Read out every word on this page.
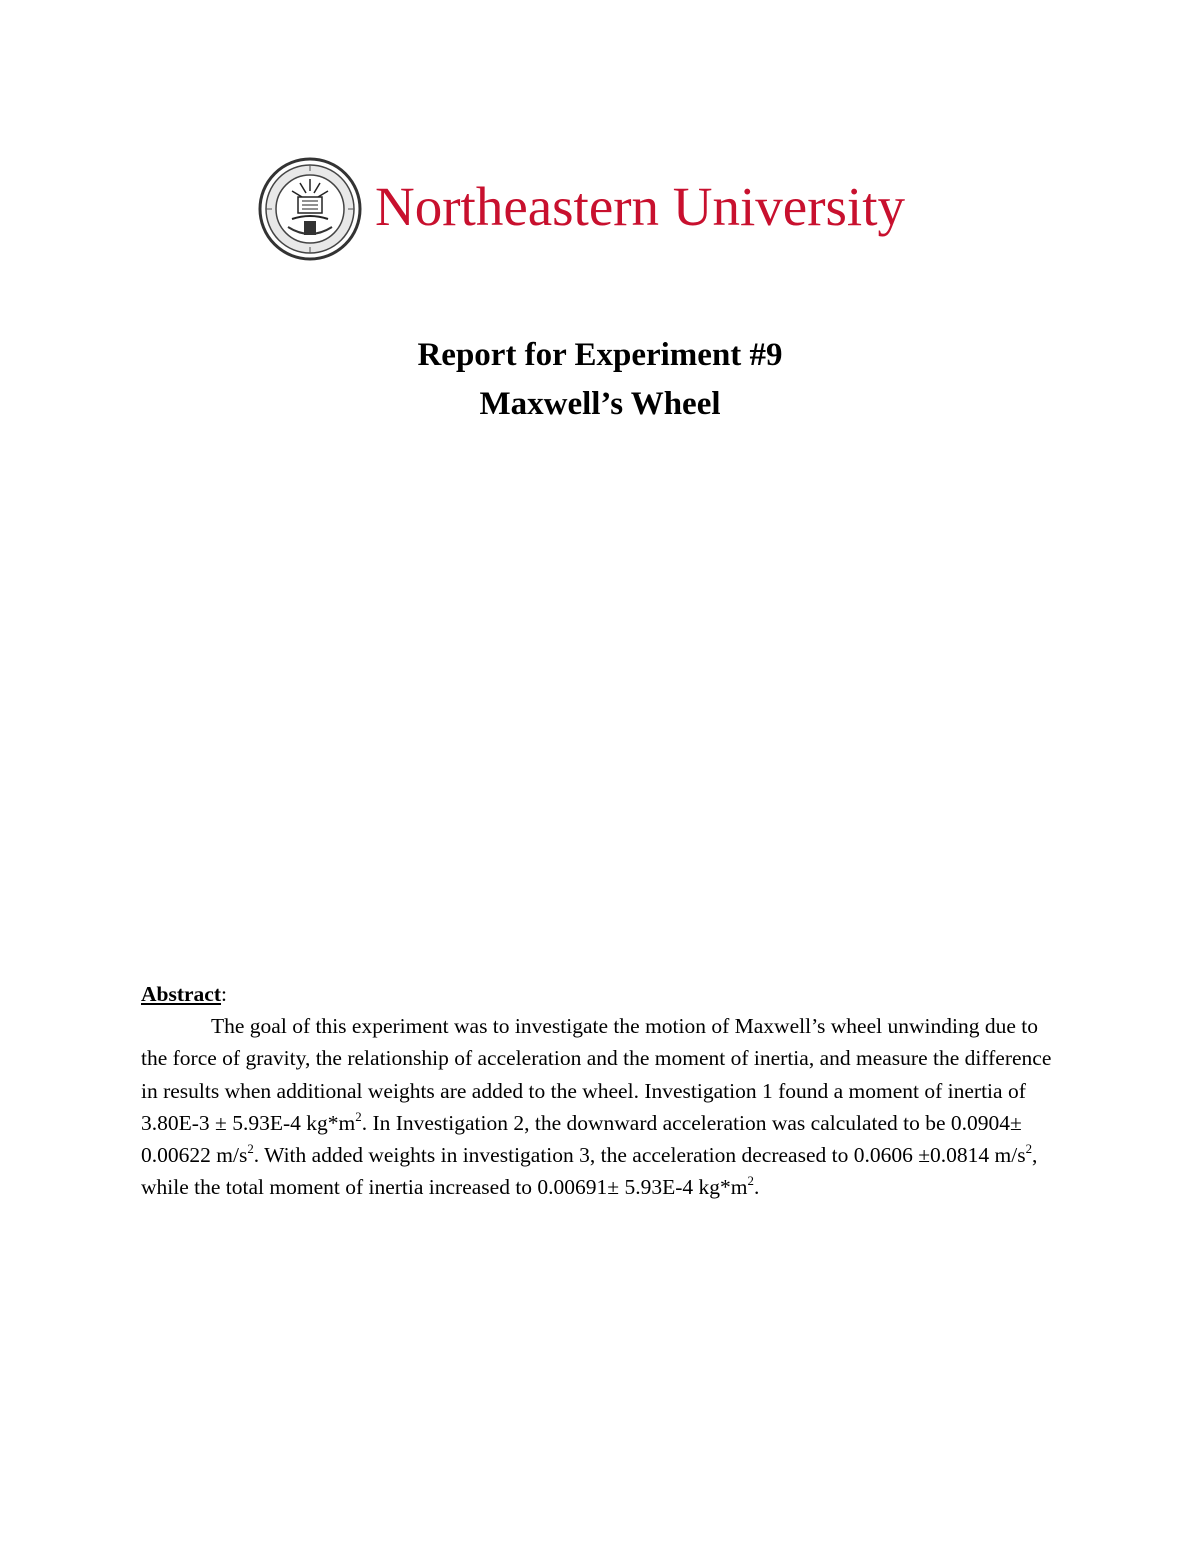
Northeastern University
Report for Experiment #9
Maxwell’s Wheel
Abstract:

The goal of this experiment was to investigate the motion of Maxwell’s wheel unwinding due to the force of gravity, the relationship of acceleration and the moment of inertia, and measure the difference in results when additional weights are added to the wheel. Investigation 1 found a moment of inertia of 3.80E-3 ± 5.93E-4 $kg*m^2$. In Investigation 2, the downward acceleration was calculated to be 0.0904± 0.00622 $m/s^2$. With added weights in investigation 3, the acceleration decreased to 0.0606 ±0.0814 $m/s^2$, while the total moment of inertia increased to 0.00691± 5.93E-4 $kg*m^2$.
